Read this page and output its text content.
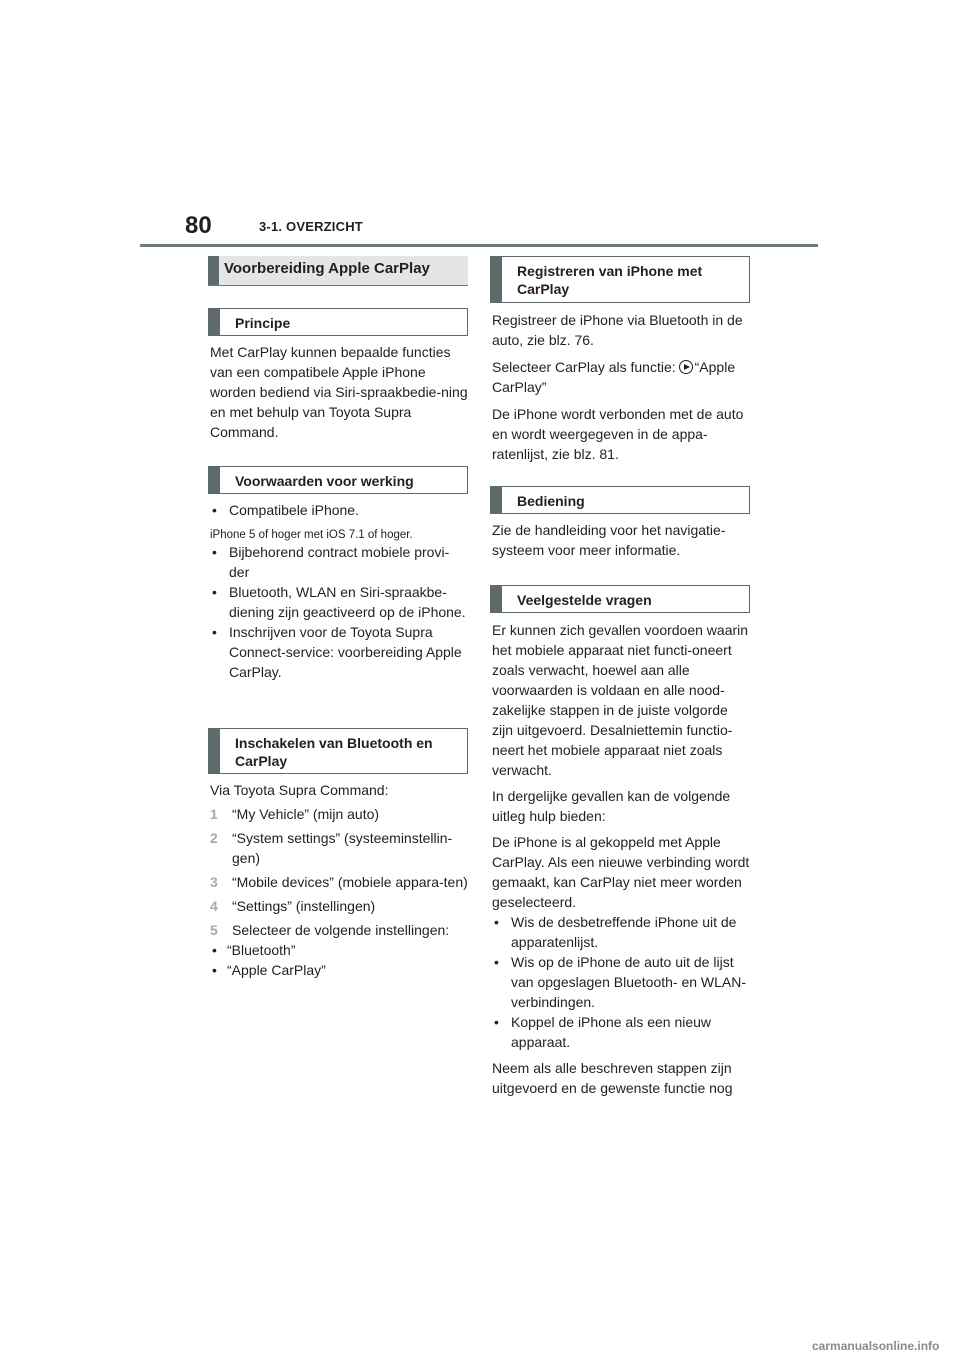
80	3-1. OVERZICHT
Voorbereiding Apple CarPlay
Principe
Met CarPlay kunnen bepaalde functies van een compatibele Apple iPhone worden bediend via Siri-spraakbedie-ning en met behulp van Toyota Supra Command.
Voorwaarden voor werking
• Compatibele iPhone.
iPhone 5 of hoger met iOS 7.1 of hoger.
• Bijbehorend contract mobiele provi-der
• Bluetooth, WLAN en Siri-spraakbe-diening zijn geactiveerd op de iPhone.
• Inschrijven voor de Toyota Supra Connect-service: voorbereiding Apple CarPlay.
Inschakelen van Bluetooth en CarPlay
Via Toyota Supra Command:
1 “My Vehicle” (mijn auto)
2 “System settings” (systeeminstellin-gen)
3 “Mobile devices” (mobiele appara-ten)
4 “Settings” (instellingen)
5 Selecteer de volgende instellingen:
• “Bluetooth”
• “Apple CarPlay”
Registreren van iPhone met CarPlay
Registreer de iPhone via Bluetooth in de auto, zie blz. 76.
Selecteer CarPlay als functie: “Apple CarPlay”
De iPhone wordt verbonden met de auto en wordt weergegeven in de appa-ratenlijst, zie blz. 81.
Bediening
Zie de handleiding voor het navigatie-systeem voor meer informatie.
Veelgestelde vragen
Er kunnen zich gevallen voordoen waarin het mobiele apparaat niet functi-oneert zoals verwacht, hoewel aan alle voorwaarden is voldaan en alle nood-zakelijke stappen in de juiste volgorde zijn uitgevoerd. Desalniettemin functio-neert het mobiele apparaat niet zoals verwacht.
In dergelijke gevallen kan de volgende uitleg hulp bieden:
De iPhone is al gekoppeld met Apple CarPlay. Als een nieuwe verbinding wordt gemaakt, kan CarPlay niet meer worden geselecteerd.
• Wis de desbetreffende iPhone uit de apparatenlijst.
• Wis op de iPhone de auto uit de lijst van opgeslagen Bluetooth- en WLAN-verbindingen.
• Koppel de iPhone als een nieuw apparaat.
Neem als alle beschreven stappen zijn uitgevoerd en de gewenste functie nog
carmanualsonline.info
